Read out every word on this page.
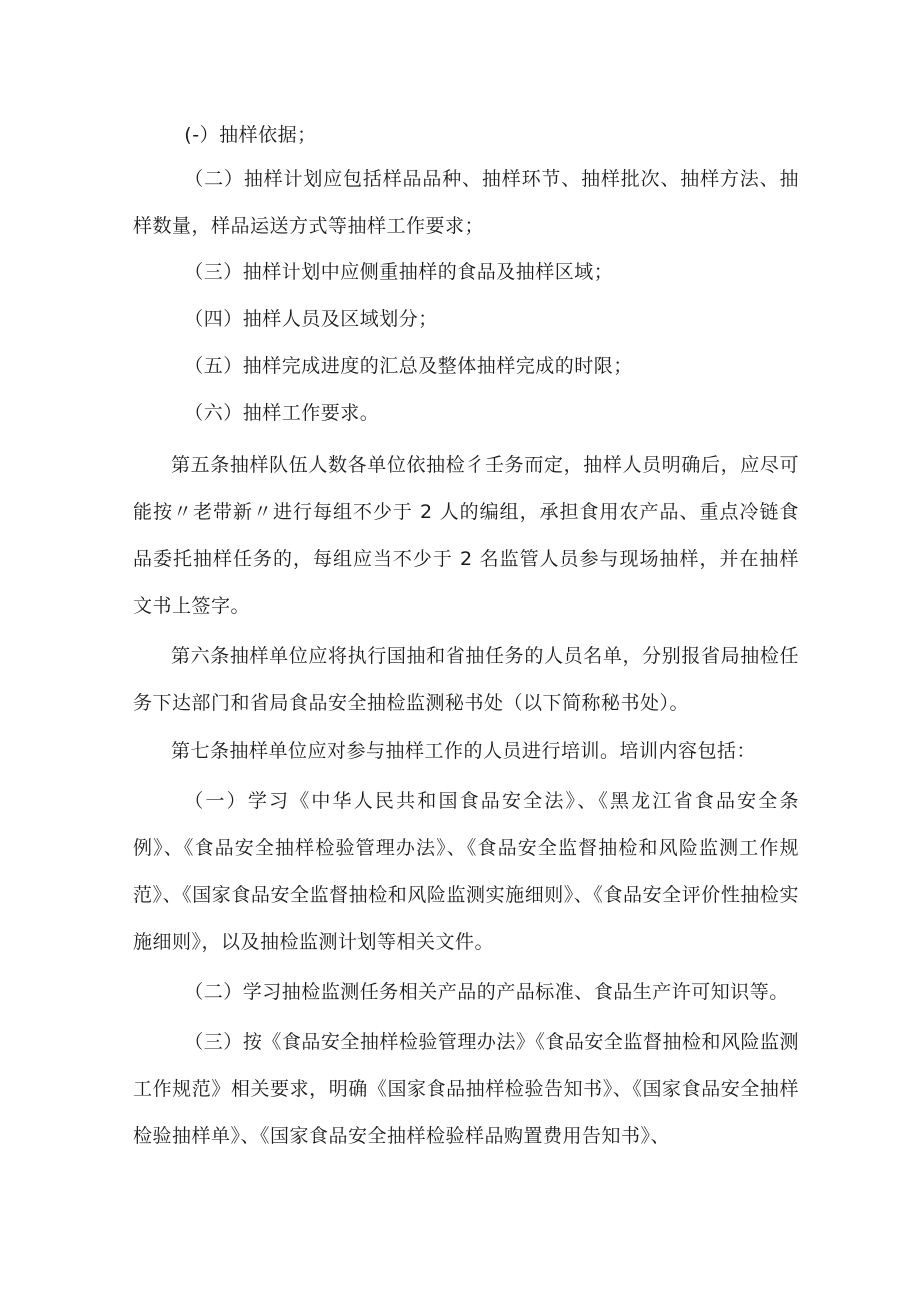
(-）抽样依据；

（二）抽样计划应包括样品品种、抽样环节、抽样批次、抽样方法、抽样数量，样品运送方式等抽样工作要求；

（三）抽样计划中应侧重抽样的食品及抽样区域；

（四）抽样人员及区域划分；

（五）抽样完成进度的汇总及整体抽样完成的时限；

（六）抽样工作要求。

第五条抽样队伍人数各单位依抽检彳壬务而定，抽样人员明确后，应尽可能按〃老带新〃进行每组不少于 2 人的编组，承担食用农产品、重点冷链食品委托抽样任务的，每组应当不少于 2 名监管人员参与现场抽样，并在抽样文书上签字。

第六条抽样单位应将执行国抽和省抽任务的人员名单，分别报省局抽检任务下达部门和省局食品安全抽检监测秘书处（以下简称秘书处）。

第七条抽样单位应对参与抽样工作的人员进行培训。培训内容包括：

（一）学习《中华人民共和国食品安全法》、《黑龙江省食品安全条例》、《食品安全抽样检验管理办法》、《食品安全监督抽检和风险监测工作规范》、《国家食品安全监督抽检和风险监测实施细则》、《食品安全评价性抽检实施细则》，以及抽检监测计划等相关文件。

（二）学习抽检监测任务相关产品的产品标准、食品生产许可知识等。

（三）按《食品安全抽样检验管理办法》《食品安全监督抽检和风险监测工作规范》相关要求，明确《国家食品抽样检验告知书》、《国家食品安全抽样检验抽样单》、《国家食品安全抽样检验样品购置费用告知书》、
